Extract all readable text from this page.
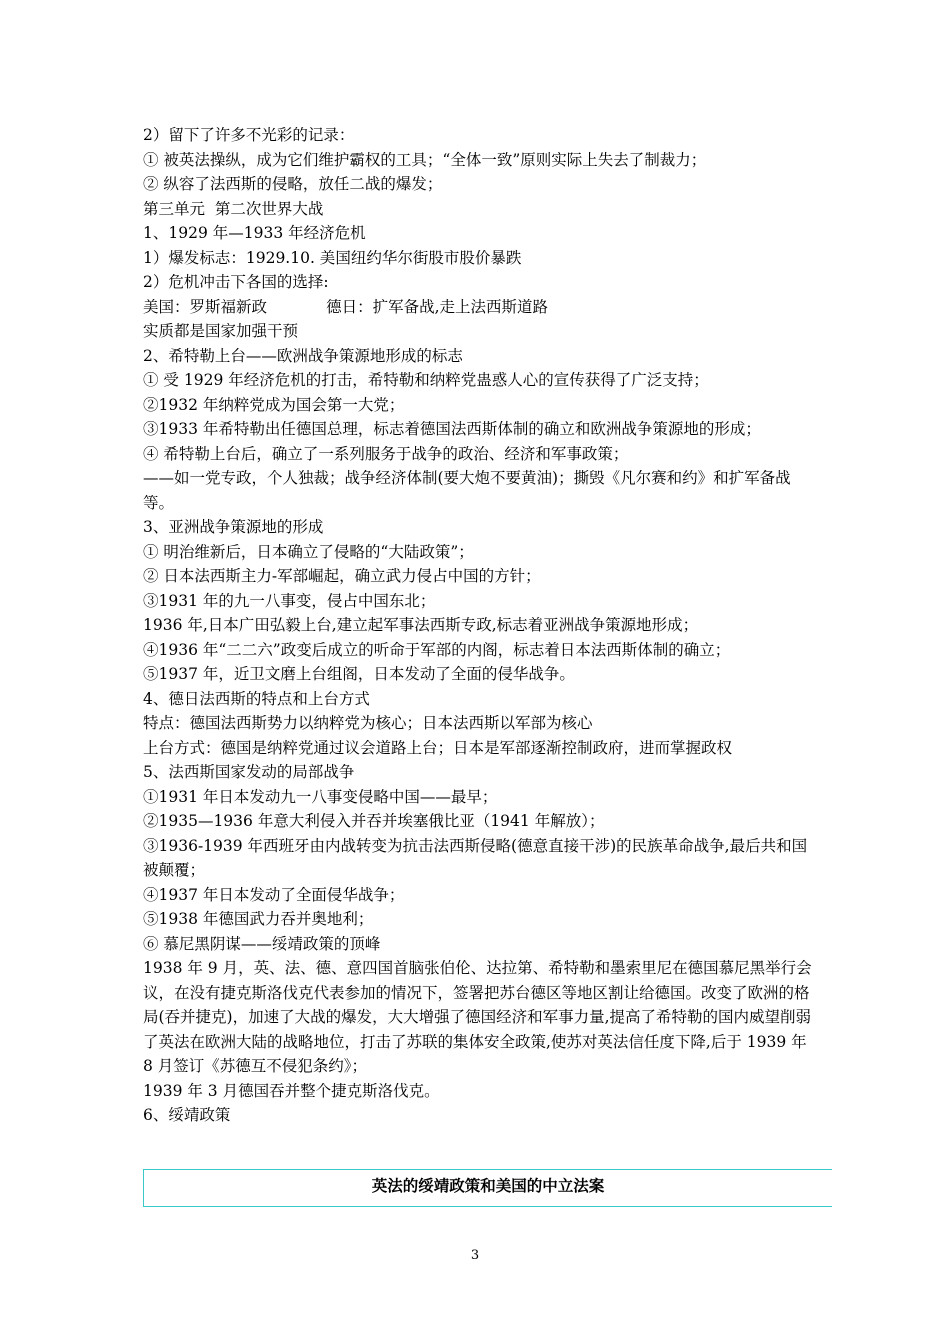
2）留下了许多不光彩的记录：
① 被英法操纵，成为它们维护霸权的工具；“全体一致”原则实际上失去了制裁力；
② 纵容了法西斯的侵略，放任二战的爆发；
第三单元  第二次世界大战
1、1929 年—1933 年经济危机
1）爆发标志：1929.10. 美国纽约华尔街股市股价暴跌
2）危机冲击下各国的选择:
美国：罗斯福新政            德日：扩军备战,走上法西斯道路
实质都是国家加强干预
2、希特勒上台——欧洲战争策源地形成的标志
① 受 1929 年经济危机的打击，希特勒和纳粹党蛊惑人心的宣传获得了广泛支持；
②1932 年纳粹党成为国会第一大党；
③1933 年希特勒出任德国总理，标志着德国法西斯体制的确立和欧洲战争策源地的形成；
④ 希特勒上台后，确立了一系列服务于战争的政治、经济和军事政策；
——如一党专政，个人独裁；战争经济体制(要大炮不要黄油)；撕毁《凡尔赛和约》和扩军备战等。
3、亚洲战争策源地的形成
① 明治维新后，日本确立了侵略的“大陆政策”；
② 日本法西斯主力-军部崛起，确立武力侵占中国的方针；
③1931 年的九一八事变，侵占中国东北；
1936 年,日本广田弘毅上台,建立起军事法西斯专政,标志着亚洲战争策源地形成；
④1936 年“二二六”政变后成立的听命于军部的内阁，标志着日本法西斯体制的确立；
⑤1937 年，近卫文磨上台组阁，日本发动了全面的侵华战争。
4、德日法西斯的特点和上台方式
特点：德国法西斯势力以纳粹党为核心；日本法西斯以军部为核心
上台方式：德国是纳粹党通过议会道路上台；日本是军部逐渐控制政府，进而掌握政权
5、法西斯国家发动的局部战争
①1931 年日本发动九一八事变侵略中国——最早；
②1935—1936 年意大利侵入并吞并埃塞俄比亚（1941 年解放）；
③1936-1939 年西班牙由内战转变为抗击法西斯侵略(德意直接干涉)的民族革命战争,最后共和国被颠覆；
④1937 年日本发动了全面侵华战争；
⑤1938 年德国武力吞并奥地利；
⑥ 慕尼黑阴谋——绥靖政策的顶峰
1938 年 9 月，英、法、德、意四国首脑张伯伦、达拉第、希特勒和墨索里尼在德国慕尼黑举行会议，在没有捷克斯洛伐克代表参加的情况下，签署把苏台德区等地区割让给德国。改变了欧洲的格局(吞并捷克)，加速了大战的爆发，大大增强了德国经济和军事力量,提高了希特勒的国内威望削弱了英法在欧洲大陆的战略地位，打击了苏联的集体安全政策,使苏对英法信任度下降,后于 1939 年 8 月签订《苏德互不侵犯条约》；
1939 年 3 月德国吞并整个捷克斯洛伐克。
6、绥靖政策
英法的绥靖政策和美国的中立法案
3
